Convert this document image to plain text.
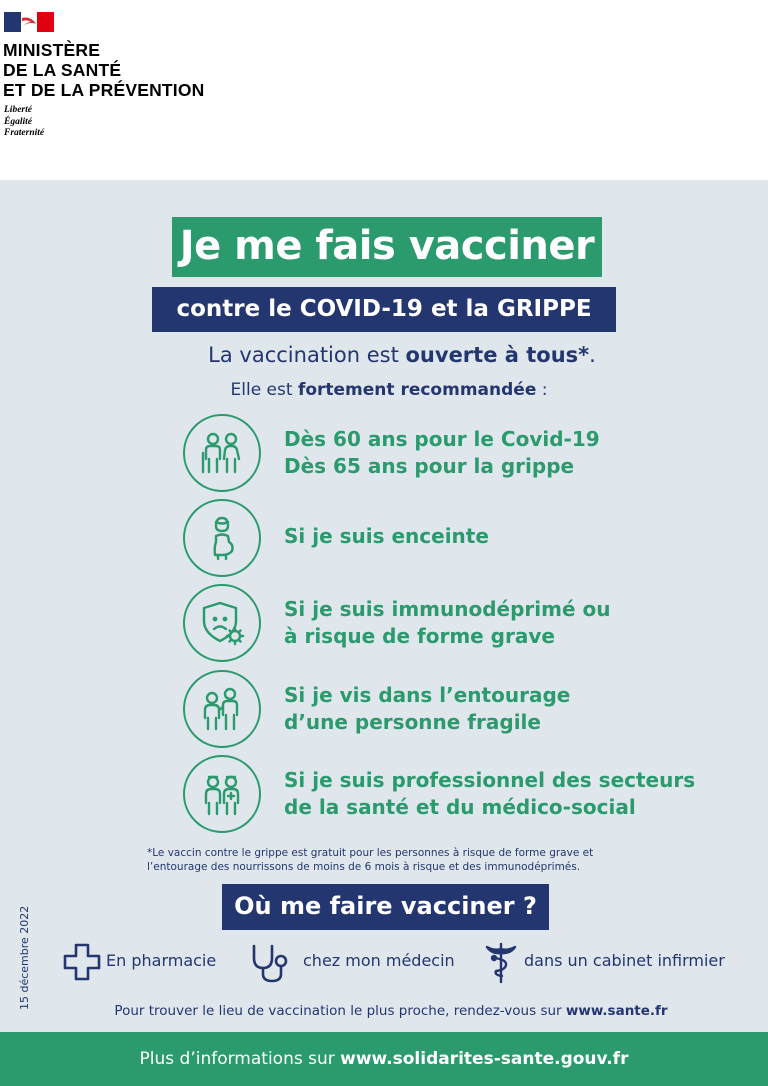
MINISTÈRE
DE LA SANTÉ
ET DE LA PRÉVENTION
Liberté
Égalité
Fraternité
Je me fais vacciner
contre le COVID-19 et la GRIPPE
La vaccination est ouverte à tous*.
Elle est fortement recommandée :
Dès 60 ans pour le Covid-19
Dès 65 ans pour la grippe
Si je suis enceinte
Si je suis immunodéprimé ou
à risque de forme grave
Si je vis dans l’entourage
d’une personne fragile
Si je suis professionnel des secteurs
de la santé et du médico-social
*Le vaccin contre le grippe est gratuit pour les personnes à risque de forme grave et
l’entourage des nourrissons de moins de 6 mois à risque et des immunodéprimés.
Où me faire vacciner ?
15 décembre 2022	En pharmacie	chez mon médecin	dans un cabinet infirmier
Pour trouver le lieu de vaccination le plus proche, rendez-vous sur www.sante.fr
Plus d’informations sur www.solidarites-sante.gouv.fr
